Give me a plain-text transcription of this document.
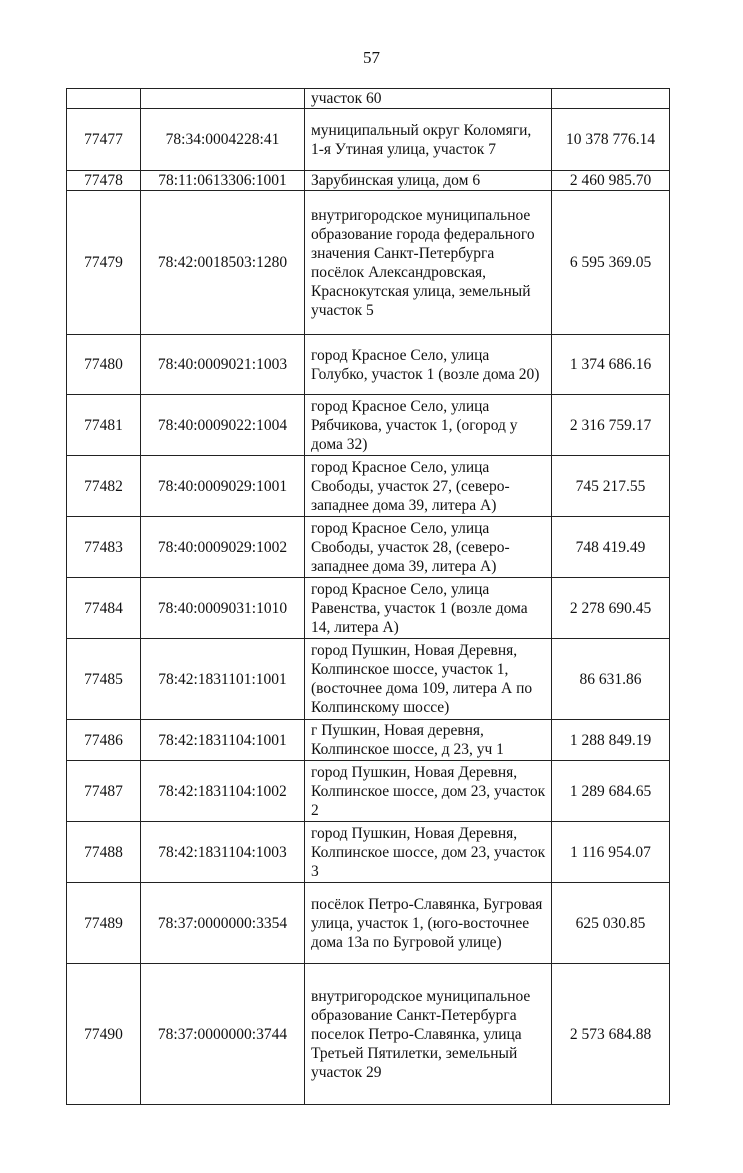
57
		участок 60	
77477	78:34:0004228:41	муниципальный округ Коломяги, 1-я Утиная улица, участок 7	10 378 776.14
77478	78:11:0613306:1001	Зарубинская улица, дом 6	2 460 985.70
77479	78:42:0018503:1280	внутригородское муниципальное образование города федерального значения Санкт-Петербурга посёлок Александровская, Краснокутская улица, земельный участок 5	6 595 369.05
77480	78:40:0009021:1003	город Красное Село, улица Голубко, участок 1 (возле дома 20)	1 374 686.16
77481	78:40:0009022:1004	город Красное Село, улица Рябчикова, участок 1, (огород у дома 32)	2 316 759.17
77482	78:40:0009029:1001	город Красное Село, улица Свободы, участок 27, (северо-западнее дома 39, литера А)	745 217.55
77483	78:40:0009029:1002	город Красное Село, улица Свободы, участок 28, (северо-западнее дома 39, литера А)	748 419.49
77484	78:40:0009031:1010	город Красное Село, улица Равенства, участок 1 (возле дома 14, литера А)	2 278 690.45
77485	78:42:1831101:1001	город Пушкин, Новая Деревня, Колпинское шоссе, участок 1, (восточнее дома 109, литера А по Колпинскому шоссе)	86 631.86
77486	78:42:1831104:1001	г Пушкин, Новая деревня, Колпинское шоссе, д 23, уч 1	1 288 849.19
77487	78:42:1831104:1002	город Пушкин, Новая Деревня, Колпинское шоссе, дом 23, участок 2	1 289 684.65
77488	78:42:1831104:1003	город Пушкин, Новая Деревня, Колпинское шоссе, дом 23, участок 3	1 116 954.07
77489	78:37:0000000:3354	посёлок Петро-Славянка, Бугровая улица, участок 1, (юго-восточнее дома 13а по Бугровой улице)	625 030.85
77490	78:37:0000000:3744	внутригородское муниципальное образование Санкт-Петербурга поселок Петро-Славянка, улица Третьей Пятилетки, земельный участок 29	2 573 684.88
